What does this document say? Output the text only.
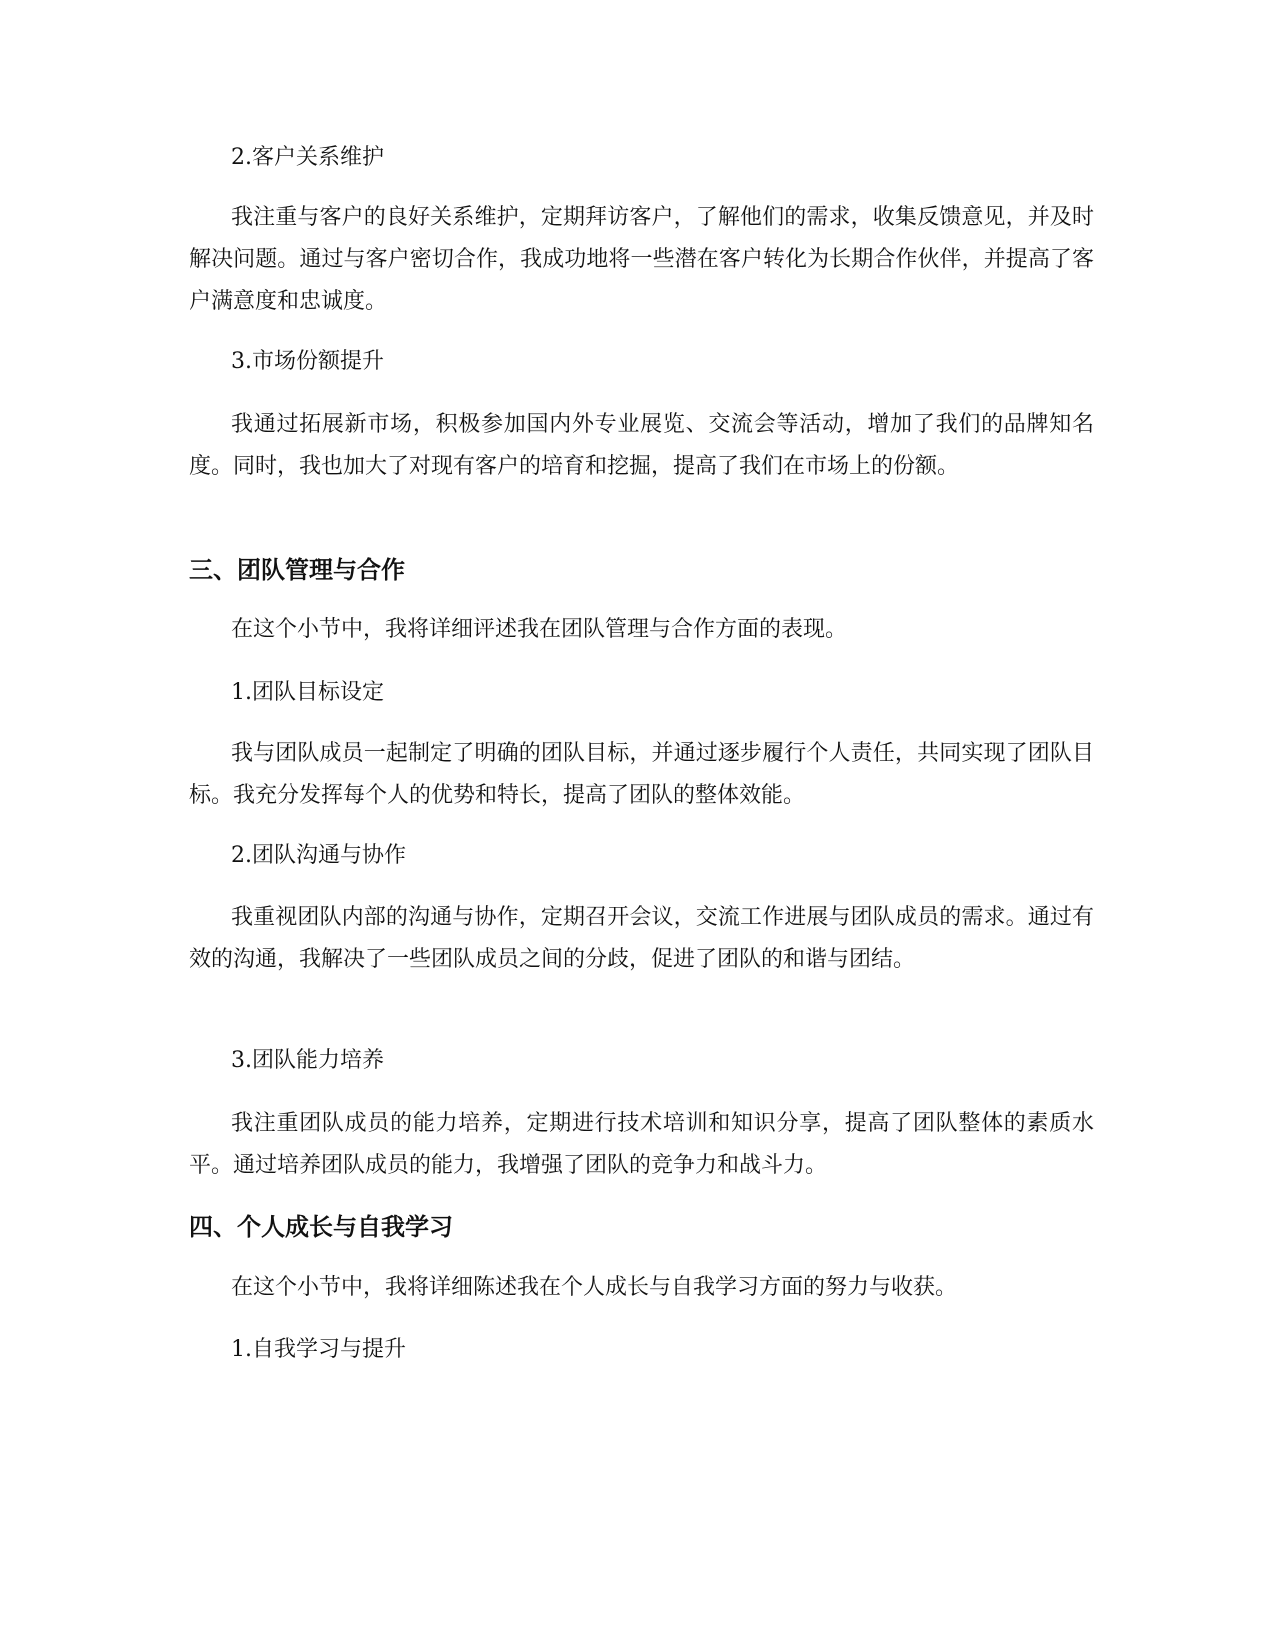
2.客户关系维护
我注重与客户的良好关系维护，定期拜访客户，了解他们的需求，收集反馈意见，并及时解决问题。通过与客户密切合作，我成功地将一些潜在客户转化为长期合作伙伴，并提高了客户满意度和忠诚度。
3.市场份额提升
我通过拓展新市场，积极参加国内外专业展览、交流会等活动，增加了我们的品牌知名度。同时，我也加大了对现有客户的培育和挖掘，提高了我们在市场上的份额。
三、团队管理与合作
在这个小节中，我将详细评述我在团队管理与合作方面的表现。
1.团队目标设定
我与团队成员一起制定了明确的团队目标，并通过逐步履行个人责任，共同实现了团队目标。我充分发挥每个人的优势和特长，提高了团队的整体效能。
2.团队沟通与协作
我重视团队内部的沟通与协作，定期召开会议，交流工作进展与团队成员的需求。通过有效的沟通，我解决了一些团队成员之间的分歧，促进了团队的和谐与团结。
3.团队能力培养
我注重团队成员的能力培养，定期进行技术培训和知识分享，提高了团队整体的素质水平。通过培养团队成员的能力，我增强了团队的竞争力和战斗力。
四、个人成长与自我学习
在这个小节中，我将详细陈述我在个人成长与自我学习方面的努力与收获。
1.自我学习与提升
